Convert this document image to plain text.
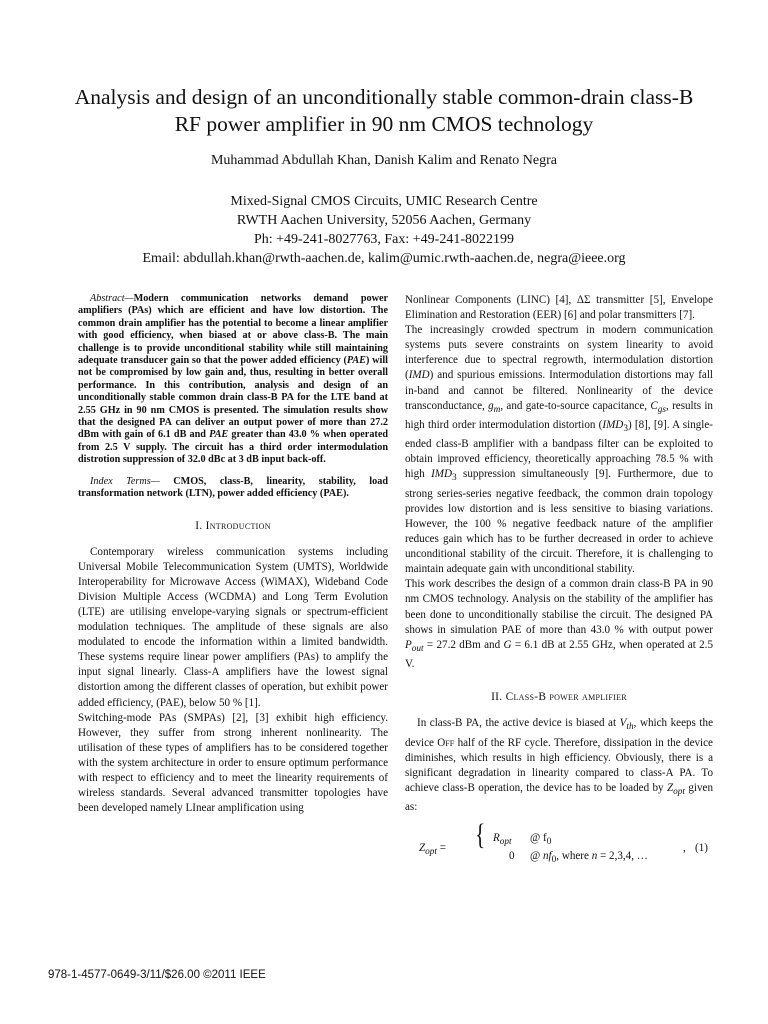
Analysis and design of an unconditionally stable common-drain class-B RF power amplifier in 90 nm CMOS technology
Muhammad Abdullah Khan, Danish Kalim and Renato Negra
Mixed-Signal CMOS Circuits, UMIC Research Centre
RWTH Aachen University, 52056 Aachen, Germany
Ph: +49-241-8027763, Fax: +49-241-8022199
Email: abdullah.khan@rwth-aachen.de, kalim@umic.rwth-aachen.de, negra@ieee.org

Abstract—Modern communication networks demand power amplifiers (PAs) which are efficient and have low distortion. The common drain amplifier has the potential to become a linear amplifier with good efficiency, when biased at or above class-B. The main challenge is to provide unconditional stability while still maintaining adequate transducer gain so that the power added efficiency (PAE) will not be compromised by low gain and, thus, resulting in better overall performance. In this contribution, analysis and design of an unconditionally stable common drain class-B PA for the LTE band at 2.55 GHz in 90 nm CMOS is presented. The simulation results show that the designed PA can deliver an output power of more than 27.2 dBm with gain of 6.1 dB and PAE greater than 43.0 % when operated from 2.5 V supply. The circuit has a third order intermodulation distrotion suppression of 32.0 dBc at 3 dB input back-off.

Index Terms— CMOS, class-B, linearity, stability, load transformation network (LTN), power added efficiency (PAE).

I. Introduction

Contemporary wireless communication systems including Universal Mobile Telecommunication System (UMTS), Worldwide Interoperability for Microwave Access (WiMAX), Wideband Code Division Multiple Access (WCDMA) and Long Term Evolution (LTE) are utilising envelope-varying signals or spectrum-efficient modulation techniques. The amplitude of these signals are also modulated to encode the information within a limited bandwidth. These systems require linear power amplifiers (PAs) to amplify the input signal linearly. Class-A amplifiers have the lowest signal distortion among the different classes of operation, but exhibit power added efficiency, (PAE), below 50 % [1].

Switching-mode PAs (SMPAs) [2], [3] exhibit high efficiency. However, they suffer from strong inherent nonlinearity. The utilisation of these types of amplifiers has to be considered together with the system architecture in order to ensure optimum performance with respect to efficiency and to meet the linearity requirements of wireless standards. Several advanced transmitter topologies have been developed namely LInear amplification using

Nonlinear Components (LINC) [4], ΔΣ transmitter [5], Envelope Elimination and Restoration (EER) [6] and polar transmitters [7].

The increasingly crowded spectrum in modern communication systems puts severe constraints on system linearity to avoid interference due to spectral regrowth, intermodulation distortion (IMD) and spurious emissions. Intermodulation distortions may fall in-band and cannot be filtered. Nonlinearity of the device transconductance, $g_m$, and gate-to-source capacitance, $C_{gs}$, results in high third order intermodulation distortion $(IMD_3)$ [8], [9]. A single-ended class-B amplifier with a bandpass filter can be exploited to obtain improved efficiency, theoretically approaching 78.5 % with high $IMD_3$ suppression simultaneously [9]. Furthermore, due to strong series-series negative feedback, the common drain topology provides low distortion and is less sensitive to biasing variations. However, the 100 % negative feedback nature of the amplifier reduces gain which has to be further decreased in order to achieve unconditional stability of the circuit. Therefore, it is challenging to maintain adequate gain with unconditional stability.

This work describes the design of a common drain class-B PA in 90 nm CMOS technology. Analysis on the stability of the amplifier has been done to unconditionally stabilise the circuit. The designed PA shows in simulation PAE of more than 43.0 % with output power $P_{out} = 27.2$ dBm and G = 6.1 dB at 2.55 GHz, when operated at 2.5 V.

II. Class-B power amplifier

In class-B PA, the active device is biased at $V_{th}$, which keeps the device Off half of the RF cycle. Therefore, dissipation in the device diminishes, which results in high efficiency. Obviously, there is a significant degradation in linearity compared to class-A PA. To achieve class-B operation, the device has to be loaded by $Z_{opt}$ given as:

$Z_{opt}$ = { $R_{opt}$ @ $f_0$
0 @ $nf_0$, where n = 2,3,4, …
, (1)
978-1-4577-0649-3/11/$26.00 ©2011 IEEE
